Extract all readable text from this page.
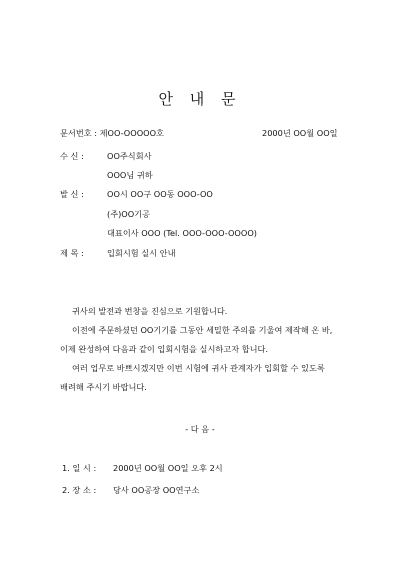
안 내 문
문서번호 : 제OO-OOOOO호	2000년 OO월 OO일
수 신 :	OO주식회사
OOO님 귀하
발 신 :	OO시 OO구 OO동 OOO-OO
(주)OO기공
대표이사 OOO (Tel. OOO-OOO-OOOO)
제 목 :	입회시험 실시 안내
귀사의 발전과 번창을 진심으로 기원합니다.
이전에 주문하셨던 OO기기를 그동안 세밀한 주의를 기울여 제작해 온 바,
이제 완성하여 다음과 같이 입회시험을 실시하고자 합니다.
여러 업무로 바쁘시겠지만 이번 시험에 귀사 관계자가 입회할 수 있도록
배려해 주시기 바랍니다.
- 다 음 -
1. 일 시 : 2000년 OO월 OO일 오후 2시
2. 장 소 : 당사 OO공장 OO연구소
